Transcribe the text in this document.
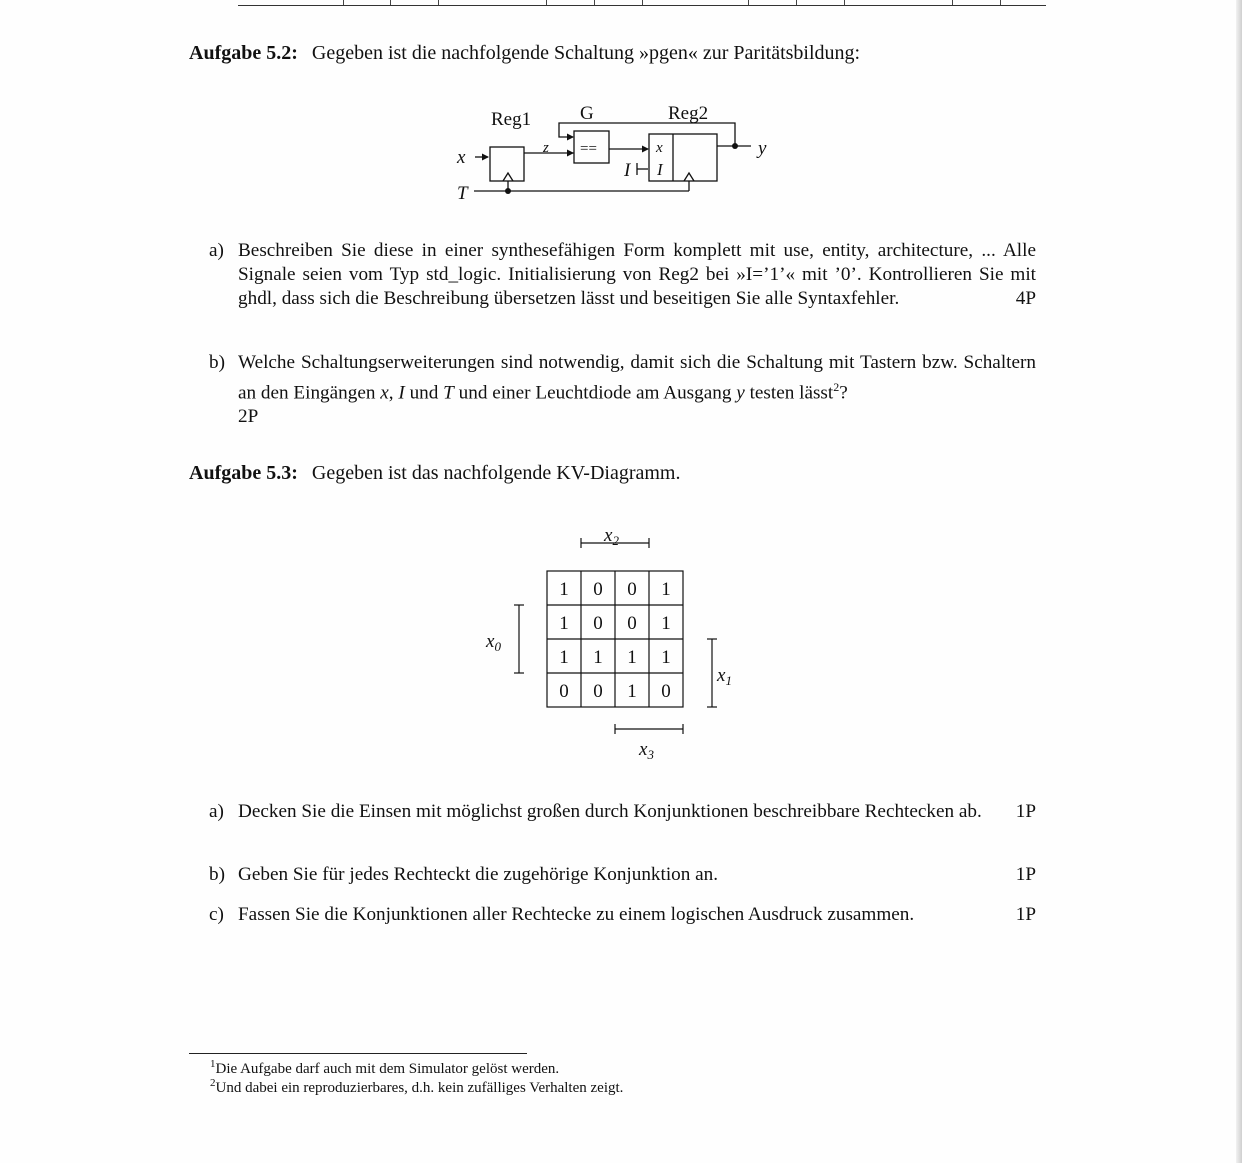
Aufgabe 5.2: Gegeben ist die nachfolgende Schaltung »pgen« zur Paritätsbildung:
Reg1	G	Reg2
x
T
z
I
y
==	x
I
a) Beschreiben Sie diese in einer synthesefähigen Form komplett mit use, entity, architecture, ... Alle Signale seien vom Typ std_logic. Initialisierung von Reg2 bei »I=’1’« mit ’0’. Kontrollieren Sie mit ghdl, dass sich die Beschreibung übersetzen lässt und beseitigen Sie alle Syntaxfehler.	4P
b) Welche Schaltungserweiterungen sind notwendig, damit sich die Schaltung mit Tastern bzw. Schaltern an den Eingängen x, I und T und einer Leuchtdiode am Ausgang y testen lässt$^2$?
2P
Aufgabe 5.3: Gegeben ist das nachfolgende KV-Diagramm.
1 0 0 1
1 0 0 1
1 1 1 1
0 0 1 0
$x_2$
$x_0$
$x_1$
$x_3$
a) Decken Sie die Einsen mit möglichst großen durch Konjunktionen beschreibbare Rechtecken ab. 1P
b) Geben Sie für jedes Rechteckt die zugehörige Konjunktion an.	1P
c) Fassen Sie die Konjunktionen aller Rechtecke zu einem logischen Ausdruck zusammen.	1P
$^1$Die Aufgabe darf auch mit dem Simulator gelöst werden.
$^2$Und dabei ein reproduzierbares, d.h. kein zufälliges Verhalten zeigt.
